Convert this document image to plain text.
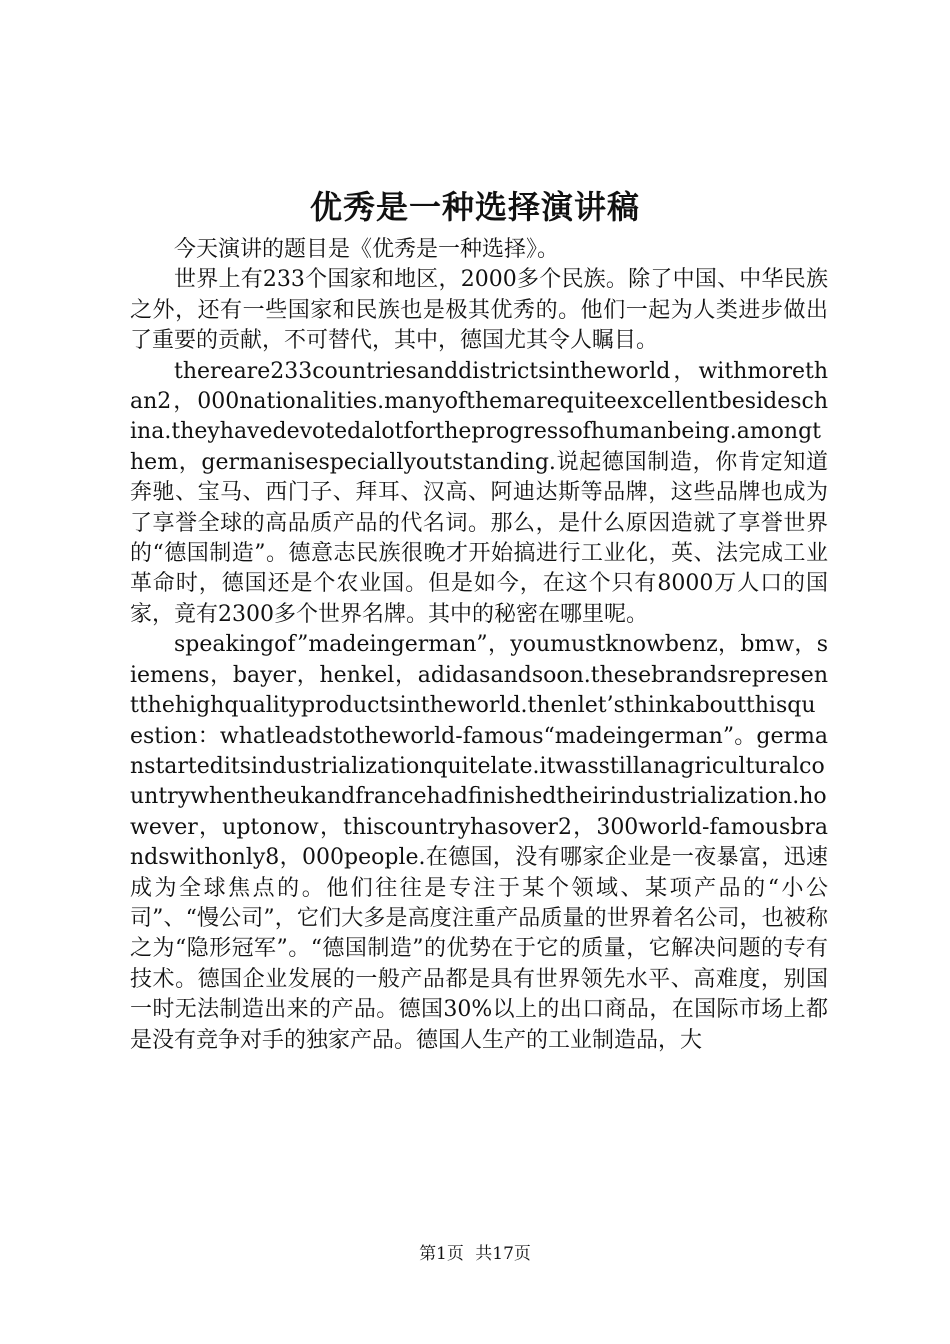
优秀是一种选择演讲稿

今天演讲的题目是《优秀是一种选择》。

世界上有233个国家和地区，2000多个民族。除了中国、中华民族之外，还有一些国家和民族也是极其优秀的。他们一起为人类进步做出了重要的贡献，不可替代，其中，德国尤其令人瞩目。

thereare233countriesanddistrictsintheworld，withmorethan2，000nationalities.manyofthemarequiteexcellentbesideschina.theyhavedevotedalotfortheprogressofhumanbeing.amongthem，germanisespeciallyoutstanding.说起德国制造，你肯定知道奔驰、宝马、西门子、拜耳、汉高、阿迪达斯等品牌，这些品牌也成为了享誉全球的高品质产品的代名词。那么，是什么原因造就了享誉世界的“德国制造”。德意志民族很晚才开始搞进行工业化，英、法完成工业革命时，德国还是个农业国。但是如今，在这个只有8000万人口的国家，竟有2300多个世界名牌。其中的秘密在哪里呢。

speakingof”madeingerman”，youmustknowbenz，bmw，siemens，bayer，henkel，adidasandsoon.thesebrandsrepresentthehighqualityproductsintheworld.thenlet’sthinkaboutthisquestion：whatleadstotheworld-famous“madeingerman”。germanstarteditsindustrializationquitelate.itwasstillanagriculturalcountrywhentheukandfrancehadfinishedtheirindustrialization.however，uptonow，thiscountryhasover2，300world-famousbrandswithonly8，000people.在德国，没有哪家企业是一夜暴富，迅速成为全球焦点的。他们往往是专注于某个领域、某项产品的“小公司”、“慢公司”，它们大多是高度注重产品质量的世界着名公司，也被称之为“隐形冠军”。“德国制造”的优势在于它的质量，它解决问题的专有技术。德国企业发展的一般产品都是具有世界领先水平、高难度，别国一时无法制造出来的产品。德国30%以上的出口商品，在国际市场上都是没有竞争对手的独家产品。德国人生产的工业制造品，大

第1页 共17页
